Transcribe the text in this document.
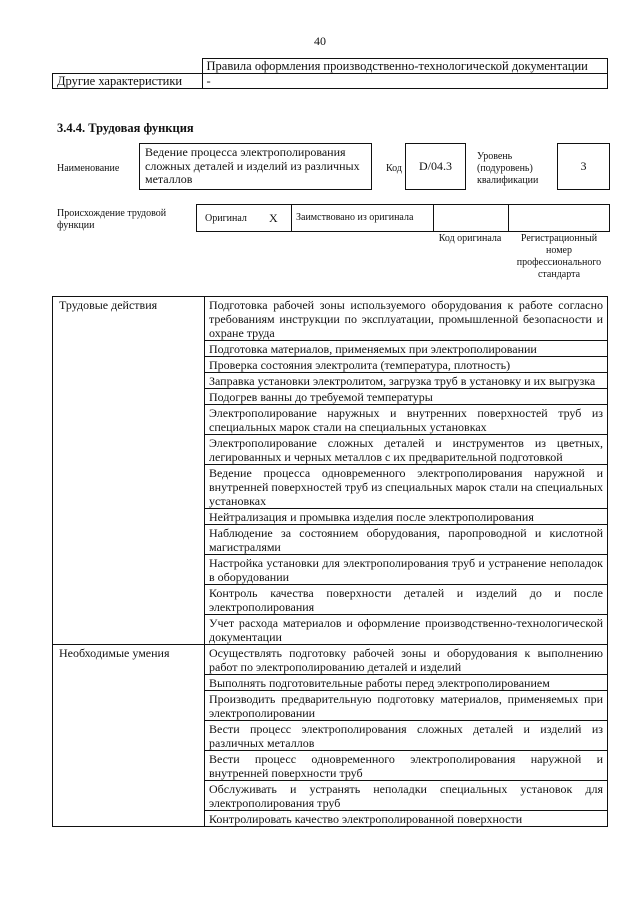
40
	Правила оформления производственно-технологической документации
Другие характеристики	-
3.4.4. Трудовая функция
Наименование
Ведение процесса электрополирования сложных деталей и изделий из различных металлов
Код	D/04.3
Уровень (подуровень) квалификации
3
Происхождение трудовой функции
Оригинал X Заимствовано из оригинала
Код оригинала	Регистрационный номер профессионального стандарта
Трудовые действия	Подготовка рабочей зоны используемого оборудования к работе согласно требованиям инструкции по эксплуатации, промышленной безопасности и охране труда
	Подготовка материалов, применяемых при электрополировании
	Проверка состояния электролита (температура, плотность)
	Заправка установки электролитом, загрузка труб в установку и их выгрузка
	Подогрев ванны до требуемой температуры
	Электрополирование наружных и внутренних поверхностей труб из специальных марок стали на специальных установках
	Электрополирование сложных деталей и инструментов из цветных, легированных и черных металлов с их предварительной подготовкой
	Ведение процесса одновременного электрополирования наружной и внутренней поверхностей труб из специальных марок стали на специальных установках
	Нейтрализация и промывка изделия после электрополирования
	Наблюдение за состоянием оборудования, паропроводной и кислотной магистралями
	Настройка установки для электрополирования труб и устранение неполадок в оборудовании
	Контроль качества поверхности деталей и изделий до и после электрополирования
	Учет расхода материалов и оформление производственно-технологической документации
Необходимые умения	Осуществлять подготовку рабочей зоны и оборудования к выполнению работ по электрополированию деталей и изделий
	Выполнять подготовительные работы перед электрополированием
	Производить предварительную подготовку материалов, применяемых при электрополировании
	Вести процесс электрополирования сложных деталей и изделий из различных металлов
	Вести процесс одновременного электрополирования наружной и внутренней поверхности труб
	Обслуживать и устранять неполадки специальных установок для электрополирования труб
	Контролировать качество электрополированной поверхности
